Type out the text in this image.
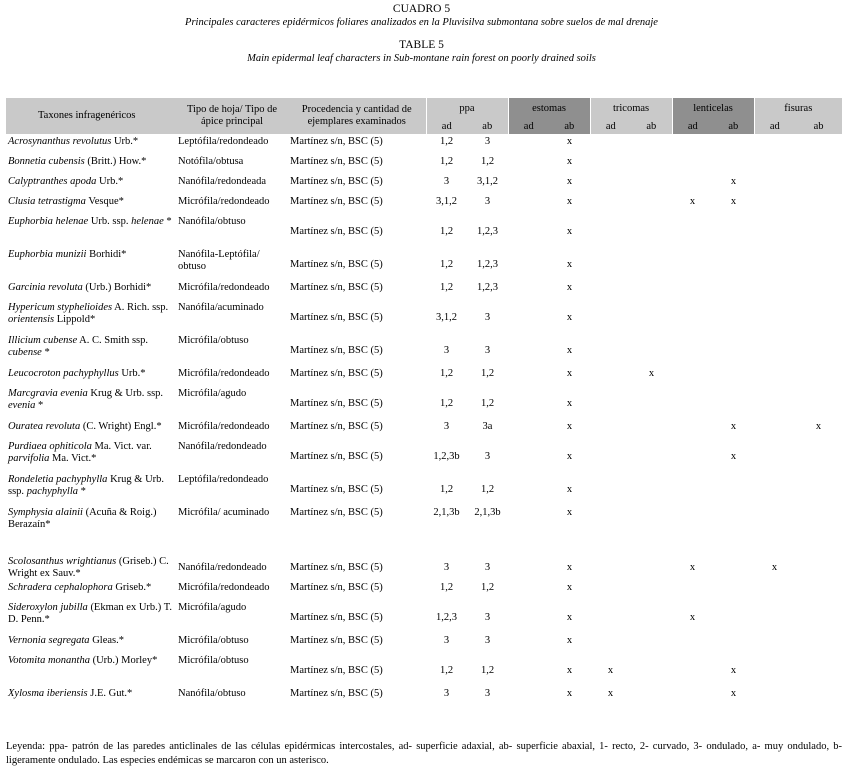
CUADRO 5
Principales caracteres epidérmicos foliares analizados en la Pluvisilva submontana sobre suelos de mal drenaje
TABLE 5
Main epidermal leaf characters in Sub-montane rain forest on poorly drained soils
Taxones infragenéricos	Tipo de hoja/ Tipo de ápice principal	Procedencia y cantidad de ejemplares examinados	ppa		estomas		tricomas		lenticelas		fisuras	
			ad	ab	ad	ab	ad	ab	ad	ab	ad	ab
Acrosynanthus revolutus Urb.*	Leptófila/redondeado	Martínez s/n, BSC (5)	1,2	3		x						
Bonnetia cubensis (Britt.) How.*	Notófila/obtusa	Martínez s/n, BSC (5)	1,2	1,2		x						
Calyptranthes apoda Urb.*	Nanófila/redondeada	Martínez s/n, BSC (5)	3	3,1,2		x				x		
Clusia tetrastigma Vesque*	Micrófila/redondeado	Martínez s/n, BSC (5)	3,1,2	3		x			x	x		
Euphorbia helenae Urb. ssp. helenae *	Nanófila/obtuso	Martínez s/n, BSC (5)	1,2	1,2,3		x						
Euphorbia munizii Borhidi*	Nanófila-Leptófila/ obtuso	Martínez s/n, BSC (5)	1,2	1,2,3		x						
Garcinia revoluta (Urb.) Borhidi*	Micrófila/redondeado	Martínez s/n, BSC (5)	1,2	1,2,3		x						
Hypericum styphelioides A. Rich. ssp. orientensis Lippold*	Nanófila/acuminado	Martínez s/n, BSC (5)	3,1,2	3		x						
Illicium cubense A. C. Smith ssp. cubense *	Micrófila/obtuso	Martínez s/n, BSC (5)	3	3		x						
Leucocroton pachyphyllus Urb.*	Micrófila/redondeado	Martínez s/n, BSC (5)	1,2	1,2		x		x				
Marcgravia evenia Krug & Urb. ssp. evenia *	Micrófila/agudo	Martínez s/n, BSC (5)	1,2	1,2		x						
Ouratea revoluta (C. Wright) Engl.*	Micrófila/redondeado	Martínez s/n, BSC (5)	3	3a		x				x		x
Purdiaea ophiticola Ma. Vict. var. parvifolia Ma. Vict.*	Nanófila/redondeado	Martínez s/n, BSC (5)	1,2,3b	3		x				x		
Rondeletia pachyphylla Krug & Urb. ssp. pachyphylla *	Leptófila/redondeado	Martínez s/n, BSC (5)	1,2	1,2		x						
Symphysia alainii (Acuña & Roig.) Berazaín*	Micrófila/ acuminado	Martínez s/n, BSC (5)	2,1,3b	2,1,3b		x						
Scolosanthus wrightianus (Griseb.) C. Wright ex Sauv.*	Nanófila/redondeado	Martínez s/n, BSC (5)	3	3		x			x		x	
Schradera cephalophora Griseb.*	Micrófila/redondeado	Martínez s/n, BSC (5)	1,2	1,2		x						
Sideroxylon jubilla (Ekman ex Urb.) T. D. Penn.*	Micrófila/agudo	Martínez s/n, BSC (5)	1,2,3	3		x			x			
Vernonia segregata Gleas.*	Micrófila/obtuso	Martínez s/n, BSC (5)	3	3		x						
Votomita monantha (Urb.) Morley*	Micrófila/obtuso	Martínez s/n, BSC (5)	1,2	1,2		x	x			x		
Xylosma iberiensis J.E. Gut.*	Nanófila/obtuso	Martínez s/n, BSC (5)	3	3		x	x			x		
Leyenda: ppa- patrón de las paredes anticlinales de las células epidérmicas intercostales, ad- superficie adaxial, ab- superficie abaxial, 1- recto, 2- curvado, 3- ondulado, a- muy ondulado, b- ligeramente ondulado. Las especies endémicas se marcaron con un asterisco.
